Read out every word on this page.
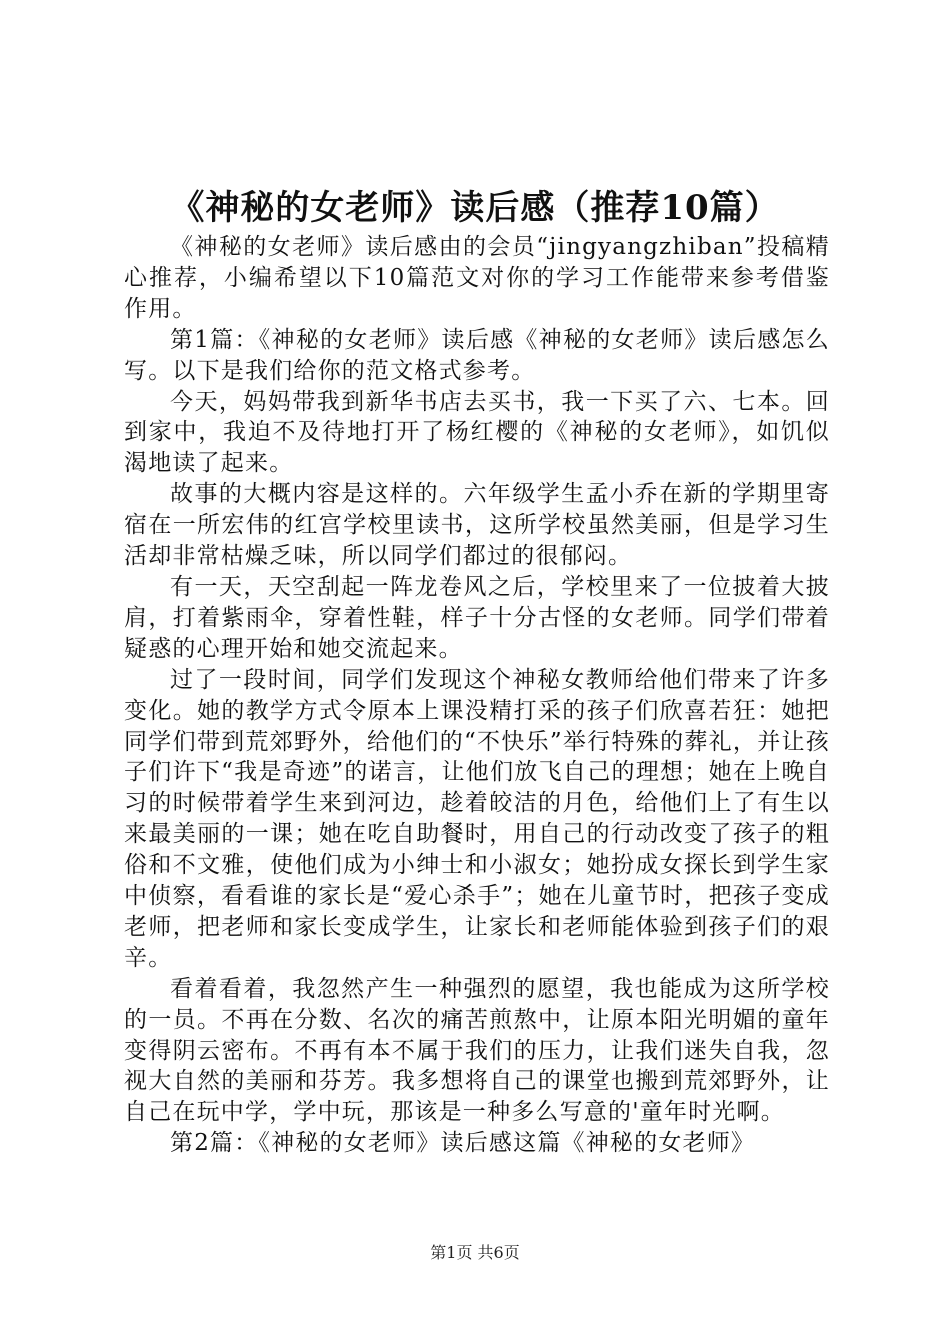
《神秘的女老师》读后感（推荐10篇）

《神秘的女老师》读后感由的会员“jingyangzhiban”投稿精心推荐，小编希望以下10篇范文对你的学习工作能带来参考借鉴作用。

第1篇：《神秘的女老师》读后感《神秘的女老师》读后感怎么写。以下是我们给你的范文格式参考。

今天，妈妈带我到新华书店去买书，我一下买了六、七本。回到家中，我迫不及待地打开了杨红樱的《神秘的女老师》，如饥似渴地读了起来。

故事的大概内容是这样的。六年级学生孟小乔在新的学期里寄宿在一所宏伟的红宫学校里读书，这所学校虽然美丽，但是学习生活却非常枯燥乏味，所以同学们都过的很郁闷。

有一天，天空刮起一阵龙卷风之后，学校里来了一位披着大披肩，打着紫雨伞，穿着性鞋，样子十分古怪的女老师。同学们带着疑惑的心理开始和她交流起来。

过了一段时间，同学们发现这个神秘女教师给他们带来了许多变化。她的教学方式令原本上课没精打采的孩子们欣喜若狂：她把同学们带到荒郊野外，给他们的“不快乐”举行特殊的葬礼，并让孩子们许下“我是奇迹”的诺言，让他们放飞自己的理想；她在上晚自习的时候带着学生来到河边，趁着皎洁的月色，给他们上了有生以来最美丽的一课；她在吃自助餐时，用自己的行动改变了孩子的粗俗和不文雅，使他们成为小绅士和小淑女；她扮成女探长到学生家中侦察，看看谁的家长是“爱心杀手”；她在儿童节时，把孩子变成老师，把老师和家长变成学生，让家长和老师能体验到孩子们的艰辛。

看着看着，我忽然产生一种强烈的愿望，我也能成为这所学校的一员。不再在分数、名次的痛苦煎熬中，让原本阳光明媚的童年变得阴云密布。不再有本不属于我们的压力，让我们迷失自我，忽视大自然的美丽和芬芳。我多想将自己的课堂也搬到荒郊野外，让自己在玩中学，学中玩，那该是一种多么写意的'童年时光啊。

第2篇：《神秘的女老师》读后感这篇《神秘的女老师》

第1页 共6页
